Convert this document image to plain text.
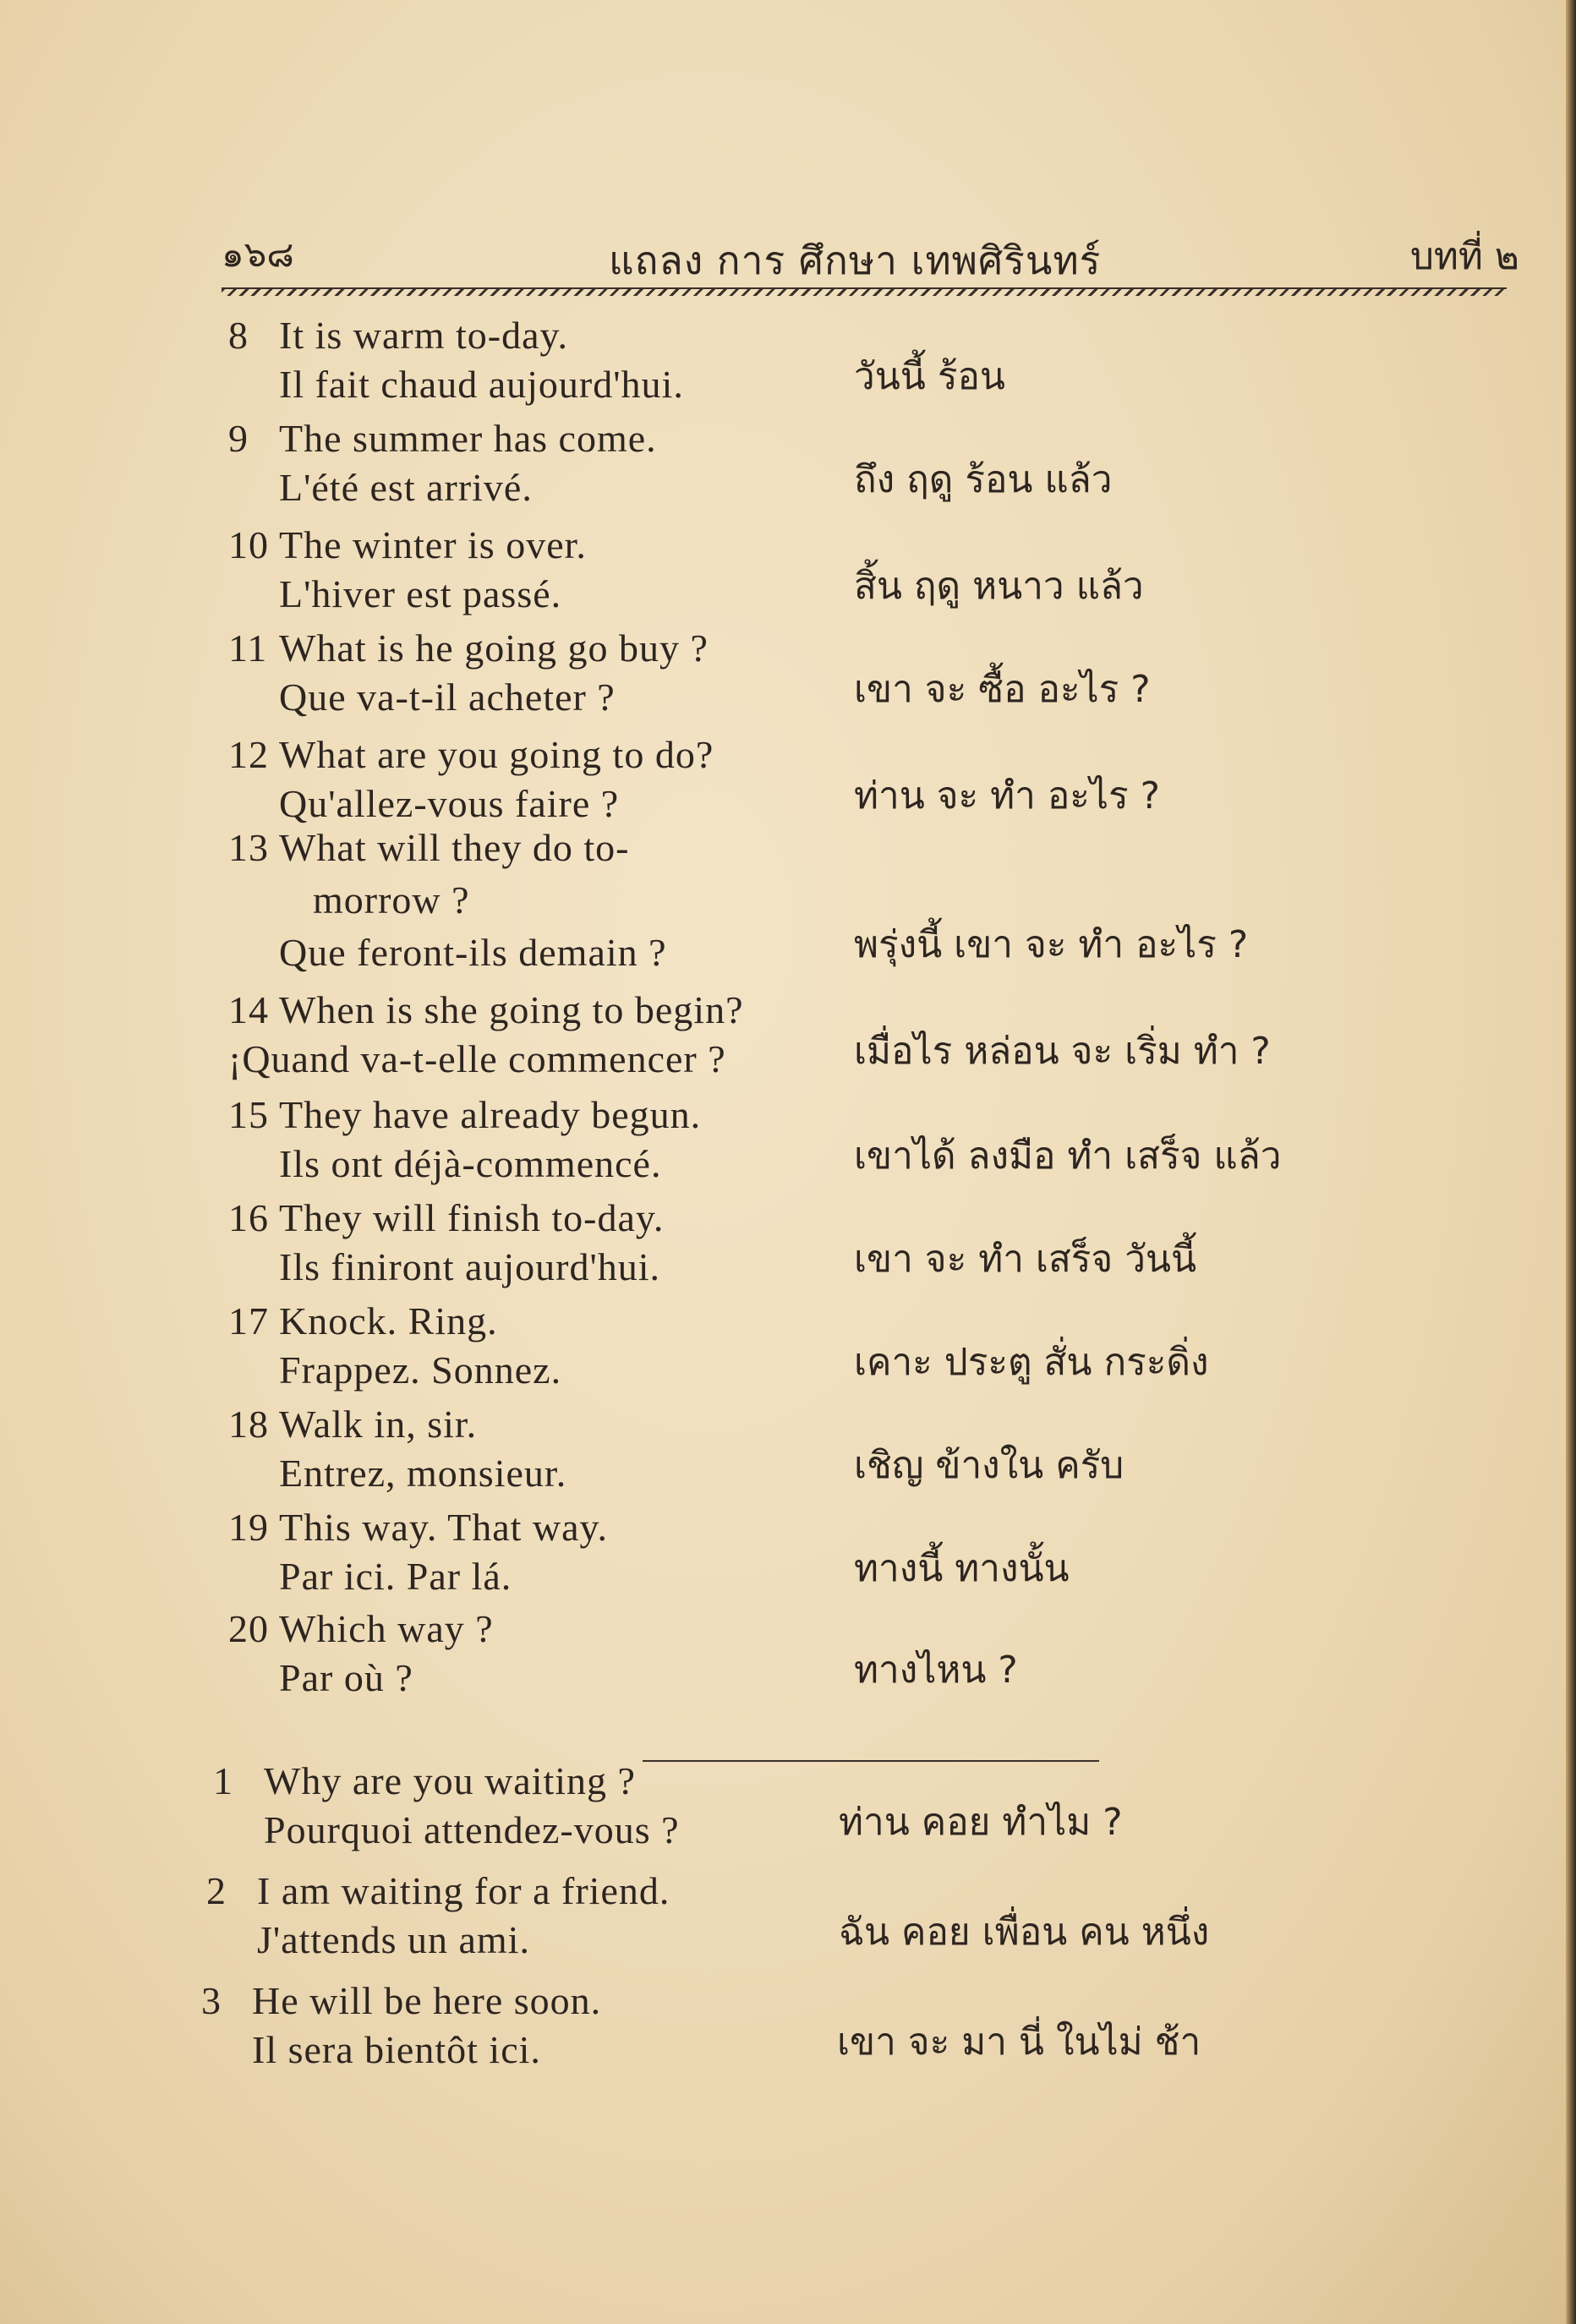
๑๖๘	แถลง การ ศึกษา เทพศิรินทร์	บทที่ ๒
8 It is warm to-day.
Il fait chaud aujourd'hui.	วันนี้ ร้อน
9 The summer has come.
L'été est arrivé.	ถึง ฤดู ร้อน แล้ว
10 The winter is over.
L'hiver est passé.	สิ้น ฤดู หนาว แล้ว
11 What is he going go buy ?
Que va-t-il acheter ?	เขา จะ ซื้อ อะไร ?
12 What are you going to do?
Qu'allez-vous faire ?	ท่าน จะ ทำ อะไร ?
13 What will they do to-
morrow ?
Que feront-ils demain ?	พรุ่งนี้ เขา จะ ทำ อะไร ?
14 When is she going to begin?
¡Quand va-t-elle commencer ?	เมื่อไร หล่อน จะ เริ่ม ทำ ?
15 They have already begun.
Ils ont déjà-commencé.	เขาได้ ลงมือ ทำ เสร็จ แล้ว
16 They will finish to-day.
Ils finiront aujourd'hui.	เขา จะ ทำ เสร็จ วันนี้
17 Knock. Ring.
Frappez. Sonnez.	เคาะ ประตู สั่น กระดิ่ง
18 Walk in, sir.
Entrez, monsieur.	เชิญ ข้างใน ครับ
19 This way. That way.
Par ici. Par lá.	ทางนี้ ทางนั้น
20 Which way ?
Par où ?	ทางไหน ?
1 Why are you waiting ?
Pourquoi attendez-vous ?	ท่าน คอย ทำไม ?
2 I am waiting for a friend.
J'attends un ami.	ฉัน คอย เพื่อน คน หนึ่ง
3 He will be here soon.
Il sera bientôt ici.	เขา จะ มา นี่ ในไม่ ช้า
